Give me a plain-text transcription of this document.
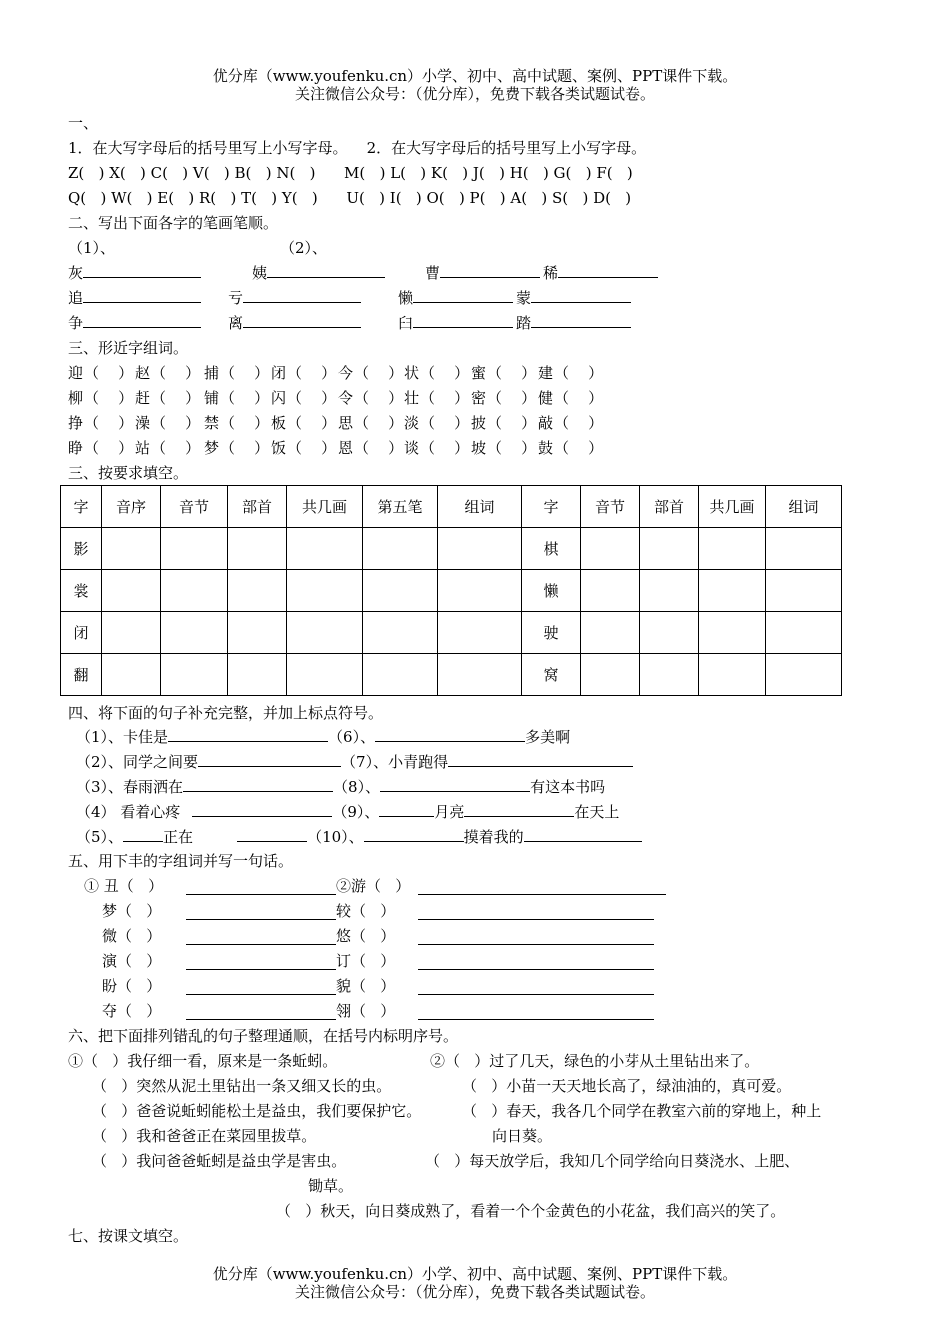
优分库（www.youfenku.cn）小学、初中、高中试题、案例、PPT课件下载。
关注微信公众号：（优分库），免费下载各类试题试卷。
一、
1．在大写字母后的括号里写上小写字母。    2．在大写字母后的括号里写上小写字母。
Z(   ) X(   ) C(   ) V(   ) B(   ) N(   )      M(   ) L(   ) K(   ) J(   ) H(   ) G(   ) F(   )
Q(   ) W(   ) E(   ) R(   ) T(   ) Y(   )      U(   ) I(   ) O(   ) P(   ) A(   ) S(   ) D(   )
二、写出下面各字的笔画笔顺。
（1）、	（2）、
灰	姨	曹	稀
追	亏	懒	蒙
争	离	臼	踏
三、形近字组词。
迎 （    ） 赵 （    ） 捕 （    ） 闭 （    ） 今 （    ） 状 （    ） 蜜 （    ） 建 （    ）
柳 （    ） 赶 （    ） 铺 （    ） 闪 （    ） 令 （    ） 壮 （    ） 密 （    ） 健 （    ）
挣 （    ） 澡 （    ） 禁 （    ） 板 （    ） 思 （    ） 淡 （    ） 披 （    ） 敲 （    ）
睁 （    ） 站 （    ） 梦 （    ） 饭 （    ） 恩 （    ） 谈 （    ） 坡 （    ） 鼓 （    ）
三、按要求填空。
字	音序	音节	部首	共几画	第五笔	组词	字	音节	部首	共几画	组词
影							棋				
裳							懒				
闭							驶				
翻							窝				
四、将下面的句子补充完整，并加上标点符号。
（1）、卡佳是	（6）、	多美啊
（2）、同学之间要	（7）、小青跑得
（3）、春雨洒在	（8）、	有这本书吗
（4） 看着心疼	（9）、	月亮	在天上
（5）、	正在	（10）、	摸着我的
五、用下丰的字组词并写一句话。
① 丑（   ）	②游（   ）
梦（   ）	较（   ）
微（   ）	悠（   ）
演（   ）	订（   ）
盼（   ）	貌（   ）
夺（   ）	翎（   ）
六、把下面排列错乱的句子整理通顺，在括号内标明序号。
①（   ）我仔细一看，原来是一条蚯蚓。
（   ）突然从泥土里钻出一条又细又长的虫。
（   ）爸爸说蚯蚓能松土是益虫，我们要保护它。
（   ）我和爸爸正在菜园里拔草。
（   ）我问爸爸蚯蚓是益虫学是害虫。
②（   ）过了几天，绿色的小芽从土里钻出来了。
（   ）小苗一天天地长高了，绿油油的，真可爱。
（   ）春天，我各几个同学在教室六前的穿地上，种上
向日葵。
（   ）每天放学后，我知几个同学给向日葵浇水、上肥、
锄草。
（   ）秋天，向日葵成熟了，看着一个个金黄色的小花盆，我们高兴的笑了。
七、按课文填空。
优分库（www.youfenku.cn）小学、初中、高中试题、案例、PPT课件下载。
关注微信公众号：（优分库），免费下载各类试题试卷。
